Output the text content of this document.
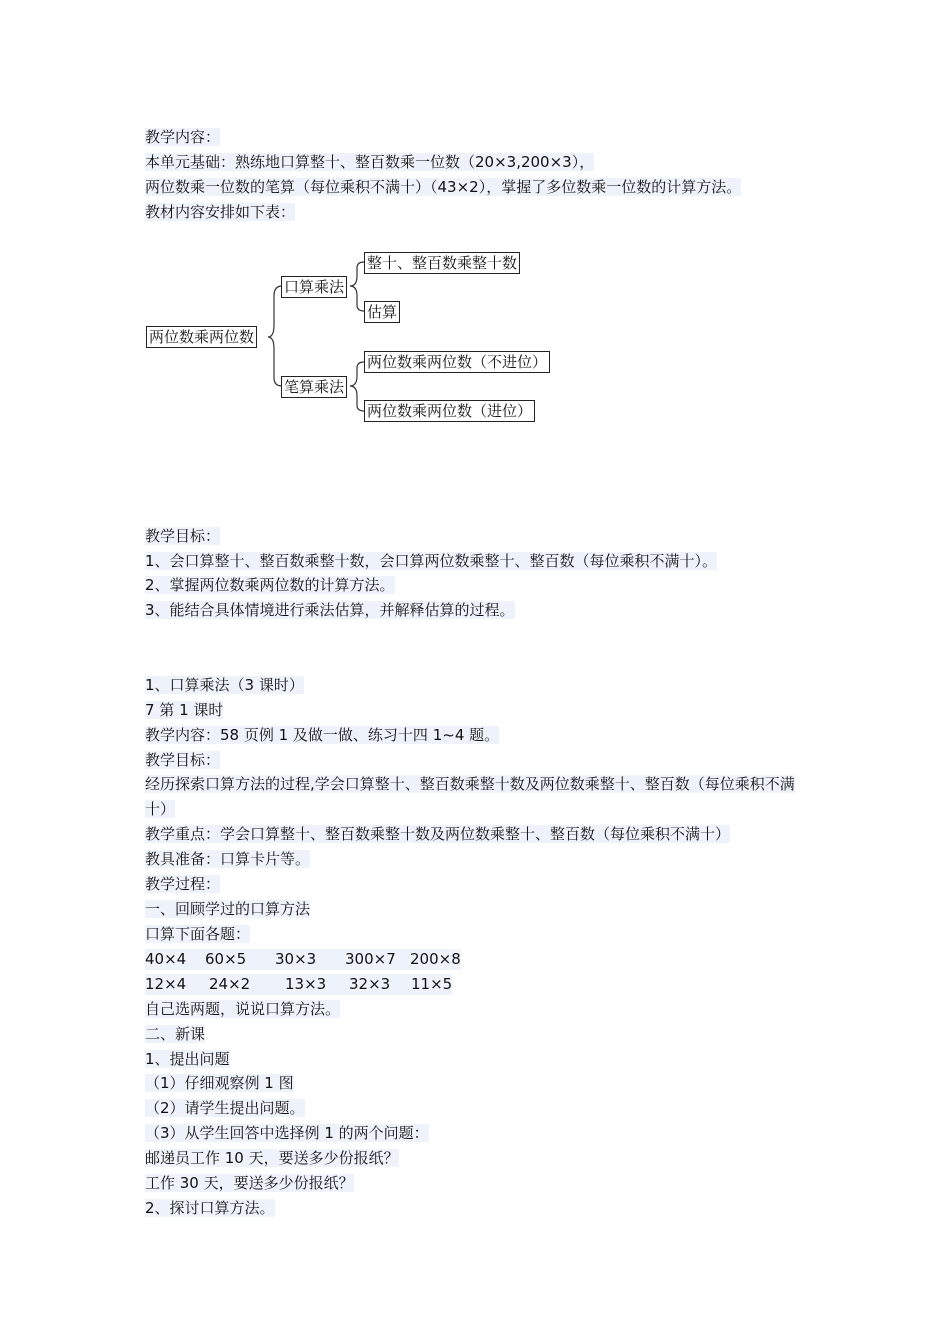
教学内容：
本单元基础：熟练地口算整十、整百数乘一位数（20×3,200×3），
两位数乘一位数的笔算（每位乘积不满十）（43×2），掌握了多位数乘一位数的计算方法。
教材内容安排如下表：
两位数乘两位数
口算乘法
整十、整百数乘整十数
估算
笔算乘法
两位数乘两位数（不进位）
两位数乘两位数（进位）
教学目标：
1、会口算整十、整百数乘整十数，会口算两位数乘整十、整百数（每位乘积不满十）。
2、掌握两位数乘两位数的计算方法。
3、能结合具体情境进行乘法估算，并解释估算的过程。
1、口算乘法（3 课时）
7 第 1 课时
教学内容：58 页例 1 及做一做、练习十四 1~4 题。
教学目标：
经历探索口算方法的过程,学会口算整十、整百数乘整十数及两位数乘整十、整百数（每位乘积不满十）
教学重点：学会口算整十、整百数乘整十数及两位数乘整十、整百数（每位乘积不满十）
教具准备：口算卡片等。
教学过程：
一、回顾学过的口算方法
口算下面各题：
40×4 60×5 30×3 300×7 200×8
12×4 24×2 13×3 32×3 11×5
自己选两题，说说口算方法。
二、新课
1、提出问题
（1）仔细观察例 1 图
（2）请学生提出问题。
（3）从学生回答中选择例 1 的两个问题：
邮递员工作 10 天，要送多少份报纸？
工作 30 天，要送多少份报纸？
2、探讨口算方法。
